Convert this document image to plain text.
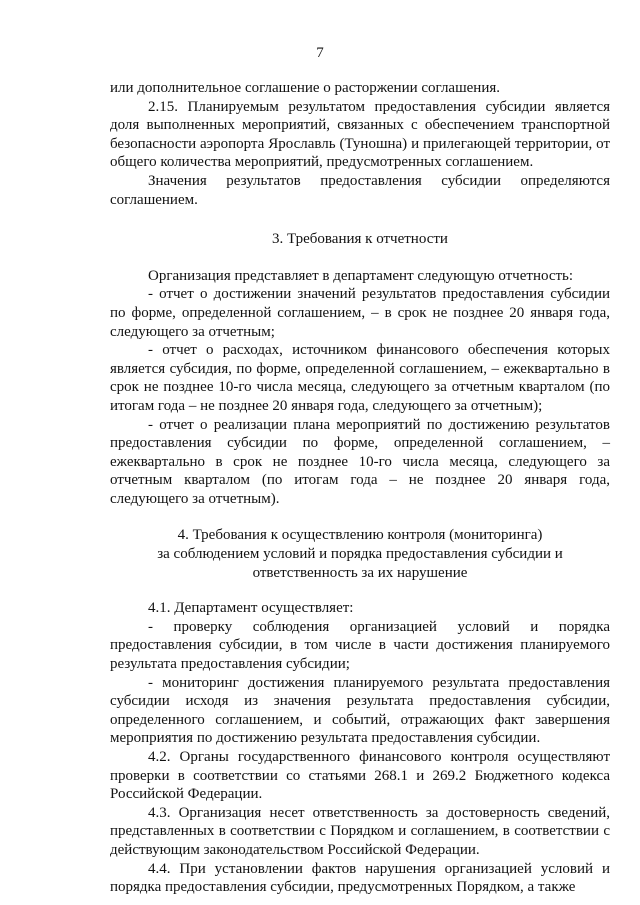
7

или дополнительное соглашение о расторжении соглашения.

2.15. Планируемым результатом предоставления субсидии является доля выполненных мероприятий, связанных с обеспечением транспортной безопасности аэропорта Ярославль (Туношна) и прилегающей территории, от общего количества мероприятий, предусмотренных соглашением.

Значения результатов предоставления субсидии определяются соглашением.

3. Требования к отчетности

Организация представляет в департамент следующую отчетность:

- отчет о достижении значений результатов предоставления субсидии по форме, определенной соглашением, – в срок не позднее 20 января года, следующего за отчетным;

- отчет о расходах, источником финансового обеспечения которых является субсидия, по форме, определенной соглашением, – ежеквартально в срок не позднее 10-го числа месяца, следующего за отчетным кварталом (по итогам года – не позднее 20 января года, следующего за отчетным);

- отчет о реализации плана мероприятий по достижению результатов предоставления субсидии по форме, определенной соглашением, – ежеквартально в срок не позднее 10-го числа месяца, следующего за отчетным кварталом (по итогам года – не позднее 20 января года, следующего за отчетным).

4. Требования к осуществлению контроля (мониторинга)
за соблюдением условий и порядка предоставления субсидии и
ответственность за их нарушение

4.1. Департамент осуществляет:

- проверку соблюдения организацией условий и порядка предоставления субсидии, в том числе в части достижения планируемого результата предоставления субсидии;

- мониторинг достижения планируемого результата предоставления субсидии исходя из значения результата предоставления субсидии, определенного соглашением, и событий, отражающих факт завершения мероприятия по достижению результата предоставления субсидии.

4.2. Органы государственного финансового контроля осуществляют проверки в соответствии со статьями 268.1 и 269.2 Бюджетного кодекса Российской Федерации.

4.3. Организация несет ответственность за достоверность сведений, представленных в соответствии с Порядком и соглашением, в соответствии с действующим законодательством Российской Федерации.

4.4. При установлении фактов нарушения организацией условий и порядка предоставления субсидии, предусмотренных Порядком, а также
